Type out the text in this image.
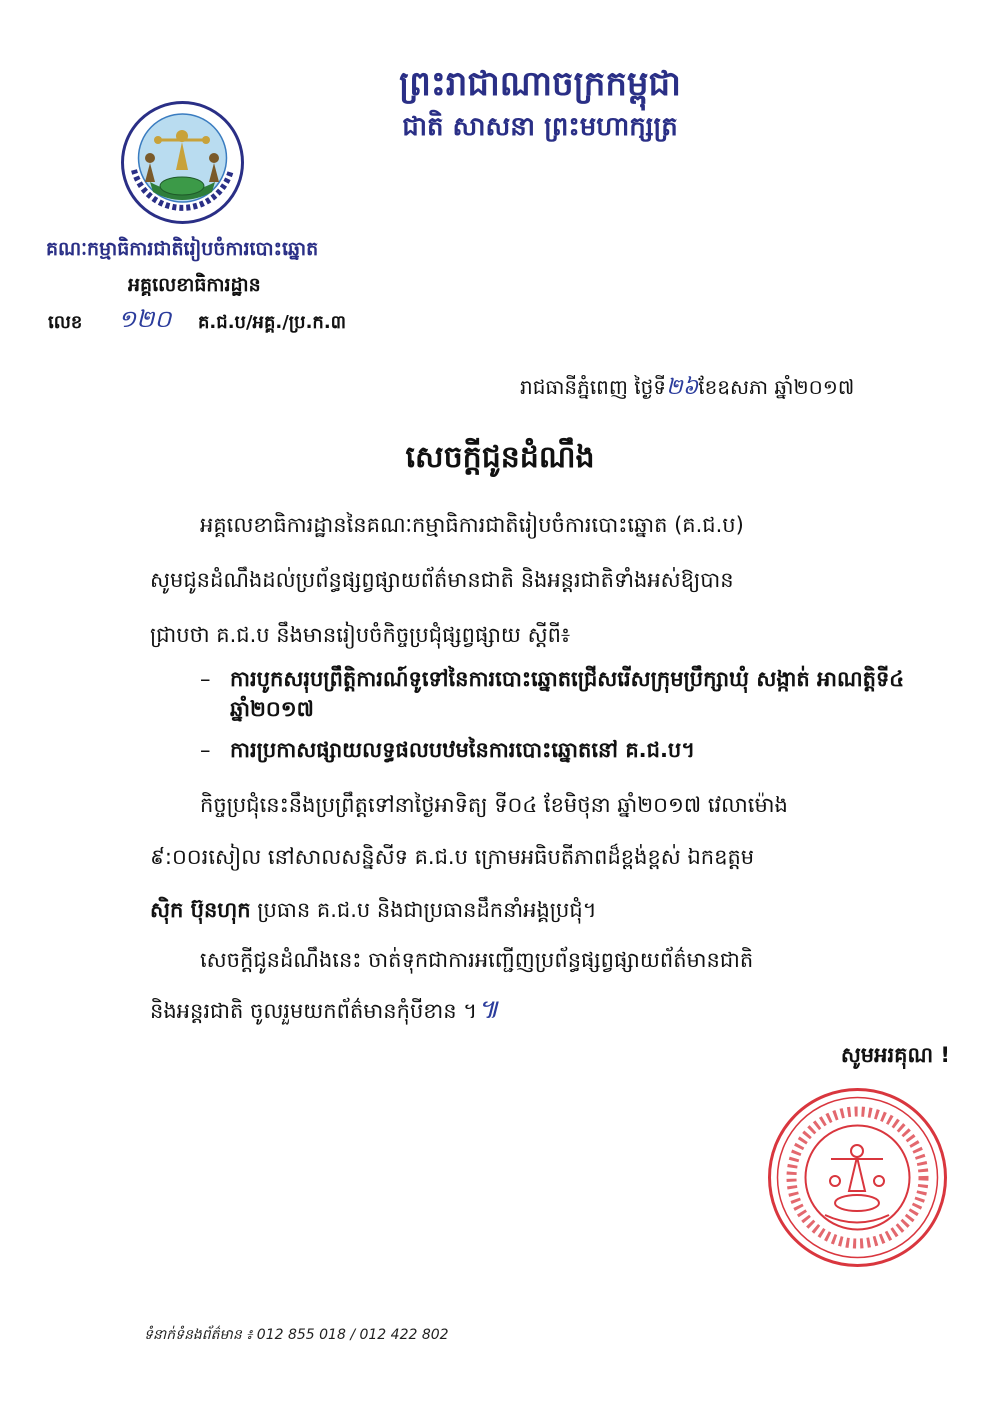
ព្រះរាជាណាចក្រកម្ពុជា
ជាតិ សាសនា ព្រះមហាក្សត្រ
គណៈកម្មាធិការជាតិរៀបចំការបោះឆ្នោត
អគ្គលេខាធិការដ្ឋាន
លេខ ១២០ គ.ជ.ប/អគ្គ./ប្រ.ក.៣
រាជធានីភ្នំពេញ ថ្ងៃទី២៦ខែឧសភា ឆ្នាំ២០១៧
សេចក្តីជូនដំណឹង
អគ្គលេខាធិការដ្ឋាននៃគណៈកម្មាធិការជាតិរៀបចំការបោះឆ្នោត (គ.ជ.ប)
សូមជូនដំណឹងដល់ប្រព័ន្ធផ្សព្វផ្សាយព័ត៌មានជាតិ និងអន្តរជាតិទាំងអស់ឱ្យបាន
ជ្រាបថា គ.ជ.ប នឹងមានរៀបចំកិច្ចប្រជុំផ្សព្វផ្សាយ ស្តីពី៖
– ការបូកសរុបព្រឹត្តិការណ៍ទូទៅនៃការបោះឆ្នោតជ្រើសរើសក្រុមប្រឹក្សាឃុំ សង្កាត់ អាណត្តិទី៤ ឆ្នាំ២០១៧
– ការប្រកាសផ្សាយលទ្ធផលបឋមនៃការបោះឆ្នោតនៅ គ.ជ.ប។
កិច្ចប្រជុំនេះនឹងប្រព្រឹត្តទៅនាថ្ងៃអាទិត្យ ទី០៤ ខែមិថុនា ឆ្នាំ២០១៧ វេលាម៉ោង
៩:០០រសៀល នៅសាលសន្និសីទ គ.ជ.ប ក្រោមអធិបតីភាពដ៏ខ្ពង់ខ្ពស់ ឯកឧត្តម
ស៊ិក ប៊ុនហុក ប្រធាន គ.ជ.ប និងជាប្រធានដឹកនាំអង្គប្រជុំ។
សេចក្តីជូនដំណឹងនេះ ចាត់ទុកជាការអញ្ជើញប្រព័ន្ធផ្សព្វផ្សាយព័ត៌មានជាតិ
និងអន្តរជាតិ ចូលរួមយកព័ត៌មានកុំបីខាន ។៕
សូមអរគុណ !
ទំនាក់ទំនងព័ត៌មាន ៖ 012 855 018 / 012 422 802
